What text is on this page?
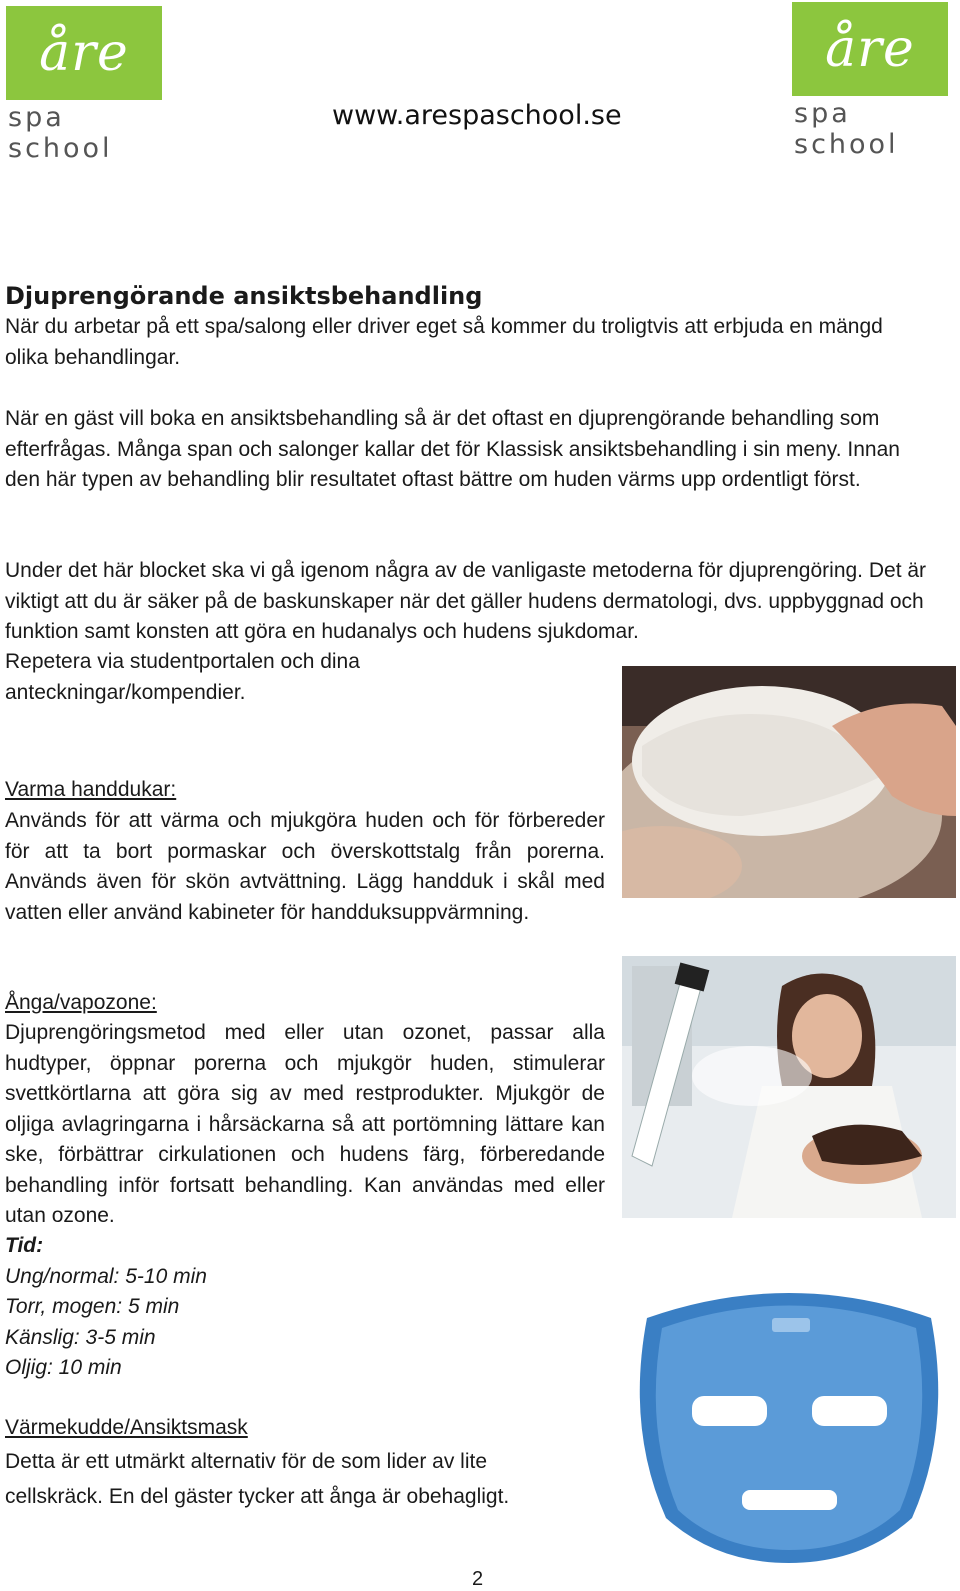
åre
spa school
åre
spa school
www.arespaschool.se
Djuprengörande ansiktsbehandling
När du arbetar på ett spa/salong eller driver eget så kommer du troligtvis att erbjuda en mängd olika behandlingar.
När en gäst vill boka en ansiktsbehandling så är det oftast en djuprengörande behandling som efterfrågas. Många span och salonger kallar det för Klassisk ansiktsbehandling i sin meny. Innan den här typen av behandling blir resultatet oftast bättre om huden värms upp ordentligt först.
Under det här blocket ska vi gå igenom några av de vanligaste metoderna för djuprengöring. Det är viktigt att du är säker på de baskunskaper när det gäller hudens dermatologi, dvs. uppbyggnad och funktion samt konsten att göra en hudanalys och hudens sjukdomar.
Repetera via studentportalen och dina anteckningar/kompendier.
Varma handdukar:
Används för att värma och mjukgöra huden och för förbereder för att ta bort pormaskar och överskottstalg från porerna. Används även för skön avtvättning. Lägg handduk i skål med vatten eller använd kabineter för handduksuppvärmning.
Ånga/vapozone:
Djuprengöringsmetod med eller utan ozonet, passar alla hudtyper, öppnar porerna och mjukgör huden, stimulerar svettkörtlarna att göra sig av med restprodukter. Mjukgör de oljiga avlagringarna i hårsäckarna så att portömning lättare kan ske, förbättrar cirkulationen och hudens färg, förberedande behandling inför fortsatt behandling. Kan användas med eller utan ozone.
Tid:
Ung/normal: 5-10 min
Torr, mogen: 5 min
Känslig: 3-5 min
Oljig: 10 min
Värmekudde/Ansiktsmask
Detta är ett utmärkt alternativ för de som lider av lite cellskräck. En del gäster tycker att ånga är obehagligt.
2
